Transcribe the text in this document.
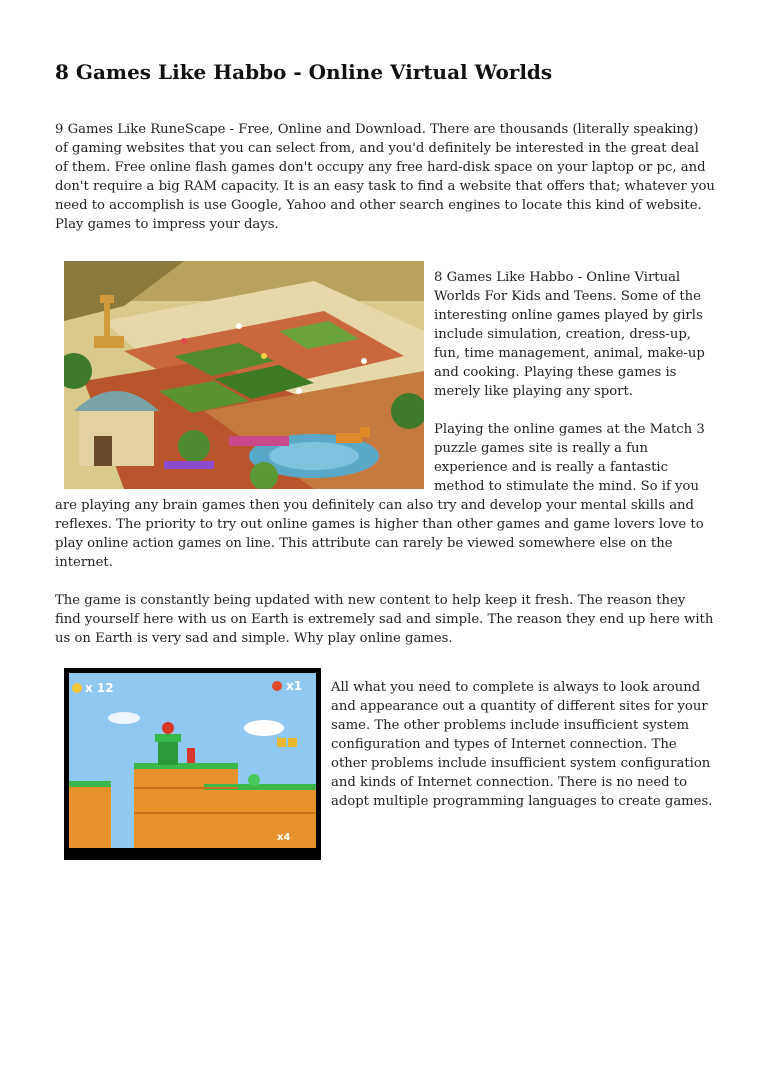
8 Games Like Habbo - Online Virtual Worlds

9 Games Like RuneScape - Free, Online and Download. There are thousands (literally speaking) of gaming websites that you can select from, and you'd definitely be interested in the great deal of them. Free online flash games don't occupy any free hard-disk space on your laptop or pc, and don't require a big RAM capacity. It is an easy task to find a website that offers that; whatever you need to accomplish is use Google, Yahoo and other search engines to locate this kind of website. Play games to impress your days.

8 Games Like Habbo - Online Virtual Worlds For Kids and Teens. Some of the interesting online games played by girls include simulation, creation, dress-up, fun, time management, animal, make-up and cooking. Playing these games is merely like playing any sport.

Playing the online games at the Match 3 puzzle games site is really a fun experience and is really a fantastic method to stimulate the mind. So if you are playing any brain games then you definitely can also try and develop your mental skills and reflexes. The priority to try out online games is higher than other games and game lovers love to play online action games on line. This attribute can rarely be viewed somewhere else on the internet.

The game is constantly being updated with new content to help keep it fresh. The reason they find yourself here with us on Earth is extremely sad and simple. The reason they end up here with us on Earth is very sad and simple. Why play online games.

x 12	x1
x4

All what you need to complete is always to look around and appearance out a quantity of different sites for your same. The other problems include insufficient system configuration and types of Internet connection. The other problems include insufficient system configuration and kinds of Internet connection. There is no need to adopt multiple programming languages to create games.
